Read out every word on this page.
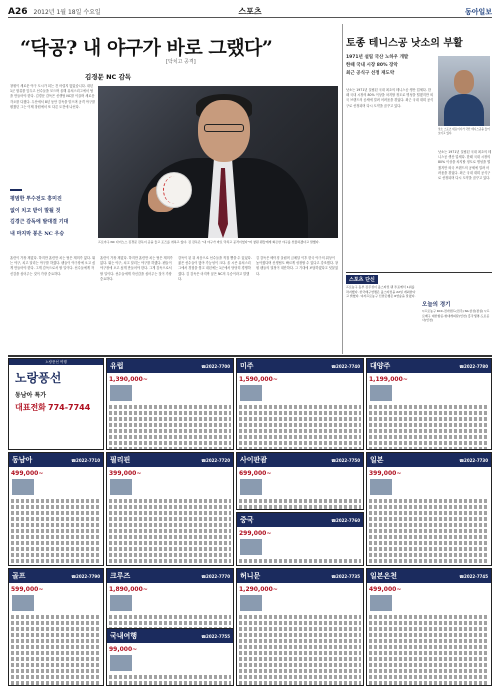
A26 2012년 1월 18일 수요일	스포츠	동아일보
“닥공? 내 야구가 바로 그랬다”
[닥치고 공격]
김경문 NC 감독
창원이 새로운 야구 도시가 되는 건 어렵지 않았습니다. 내년 1군 합류를 앞두고 선수들을 모으며 올해 퓨처스리그에서 팀을 만들어야 한다. 김경문 감독은 신생팀 NC를 이끌며 새로운 각오를 다졌다. 두산에서 8년 동안 감독을 맡으며 공격 야구를 펼쳤던 그는 이제 창원에서 또 다른 도전에 나선다.

평범한 투수전도 흥미진

없이 치고 받이 말될 것

김경근 감독에 발대결 기대

내 마지막 봉은 NC 우승

프로야구 NC 다이노스 김경문 감독이 공을 들고 포즈를 취하고 있다. 김 감독은 “내 야구가 바로 닥치고 공격이었다”며 창원 팬들에게 화끈한 야구를 선물하겠다고 말했다.
홈런이 가장 재밌다. 하지만 홈런만 치는 팀은 재미가 없다. 뛰는 야구, 치고 달리는 야구를 하겠다. 팬들이 야구장에 오고 싶게 만들어야 한다. 그게 감독으로서 할 일이다. 선수들에게 자신감을 심어주는 것이 가장 중요하다.
홈런이 가장 재밌다. 하지만 홈런만 치는 팀은 재미가 없다. 뛰는 야구, 치고 달리는 야구를 하겠다. 팬들이 야구장에 오고 싶게 만들어야 한다. 그게 감독으로서 할 일이다. 선수들에게 자신감을 심어주는 것이 가장 중요하다.
감독이 된 뒤 처음으로 선수들을 직접 뽑을 수 있었다. 젊은 선수들이 많아 가능성이 크다. 올 시즌 퓨처스리그에서 경험을 쌓고 내년에는 1군에서 당당히 경쟁하겠다. 김 감독은 마지막 꿈은 NC의 우승이라고 말했다.
김 감독은 베이징 올림픽 금메달 이후 한국 야구의 위상이 높아졌다며 신생팀도 빠르게 성장할 수 있다고 강조했다. 창원 팬들의 열정이 대단하다. 그 기대에 보답하겠다고 덧붙였다.
토종 테니스공 낫소의 부활
1971년 설립 국산 노하우 개발
한때 국내 시장 80% 장악
최근 공식구 선정 재도약
낫소 스포츠 대표이사가 국산 테니스공을 들어 보이고 있다.
낫소는 1971년 설립된 국내 최초의 테니스공 생산 업체다. 한때 국내 시장의 80% 이상을 차지할 정도로 명성을 떨쳤지만 외국 브랜드의 공세에 밀려 어려움을 겪었다. 최근 국내 대회 공식구로 선정되며 다시 도약을 꿈꾸고 있다.
낫소는 1971년 설립된 국내 최초의 테니스공 생산 업체다. 한때 국내 시장의 80% 이상을 차지할 정도로 명성을 떨쳤지만 외국 브랜드의 공세에 밀려 어려움을 겪었다. 최근 국내 대회 공식구로 선정되며 다시 도약을 꿈꾸고 있다.
스포츠 단신
프로농구 동부 김주성이 올스타전 팬 투표에서 1위를 차지했다. 한국배구연맹은 올스타전을 22일 개최한다고 밝혔다. 여자프로농구 신한은행은 6연승을 달렸다.
오늘의 경기
▽프로농구 KCC-전자랜드(전주) SK-삼성(잠실) ▽프로배구 대한항공-현대캐피탈(인천) 흥국생명-도로공사(인천)
노랑풍선 여행
노랑풍선
동남아 특가
대표전화 774-7744
유럽	☎2022-7700
1,390,000~
미주	☎2022-7740
1,590,000~
대양주	☎2022-7780
1,199,000~
동남아	☎2022-7710
499,000~
필리핀	☎2022-7720
399,000~
사이판괌	☎2022-7750
699,000~
일본	☎2022-7730
399,000~
중국	☎2022-7760
299,000~
골프	☎2022-7790
599,000~
크루즈	☎2022-7770
1,890,000~
허니문	☎2022-7735
1,290,000~
일본온천	☎2022-7745
499,000~
국내여행	☎2022-7755
99,000~
